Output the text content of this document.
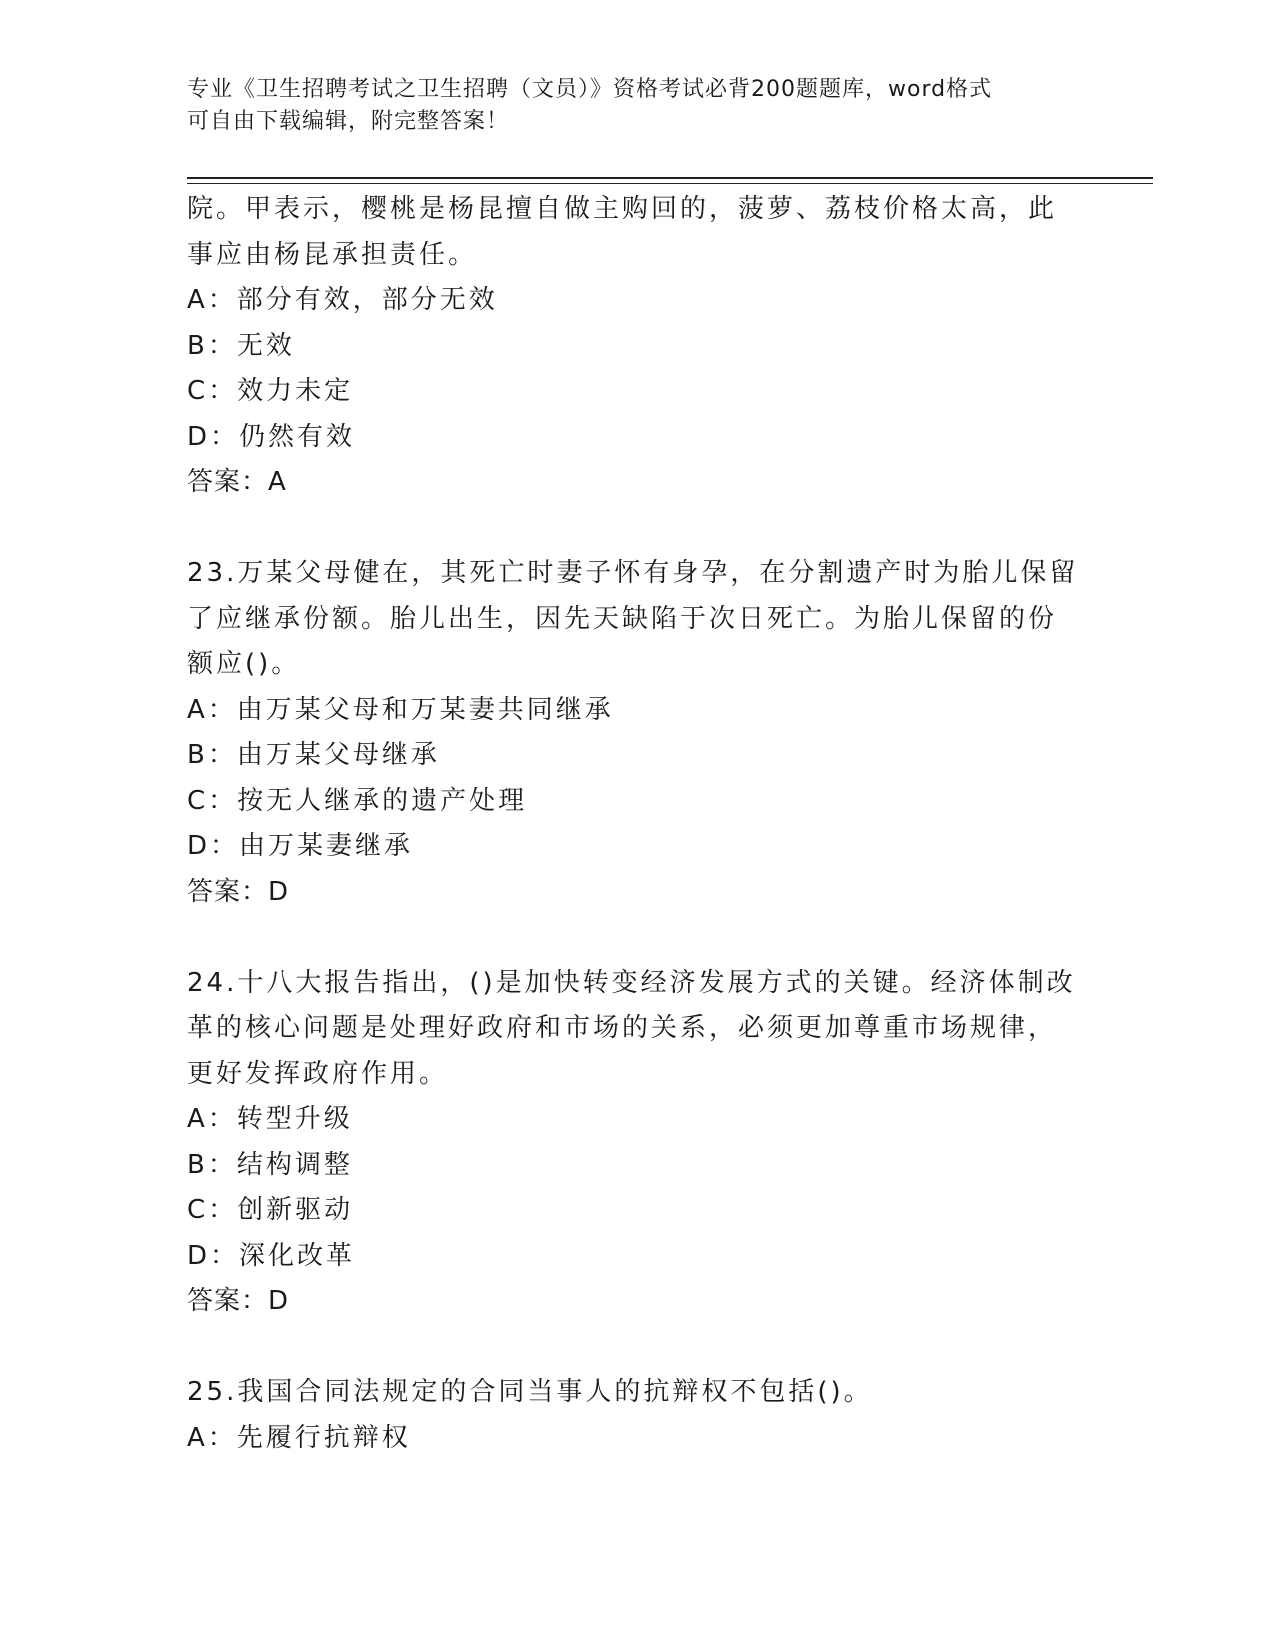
专业《卫生招聘考试之卫生招聘（文员）》资格考试必背200题题库，word格式
可自由下载编辑，附完整答案！
院。甲表示，樱桃是杨昆擅自做主购回的，菠萝、荔枝价格太高，此
事应由杨昆承担责任。
A：部分有效，部分无效
B：无效
C：效力未定
D：仍然有效
答案：A
23.万某父母健在，其死亡时妻子怀有身孕，在分割遗产时为胎儿保留
了应继承份额。胎儿出生，因先天缺陷于次日死亡。为胎儿保留的份
额应()。
A：由万某父母和万某妻共同继承
B：由万某父母继承
C：按无人继承的遗产处理
D：由万某妻继承
答案：D
24.十八大报告指出，()是加快转变经济发展方式的关键。经济体制改
革的核心问题是处理好政府和市场的关系，必须更加尊重市场规律，
更好发挥政府作用。
A：转型升级
B：结构调整
C：创新驱动
D：深化改革
答案：D
25.我国合同法规定的合同当事人的抗辩权不包括()。
A：先履行抗辩权
